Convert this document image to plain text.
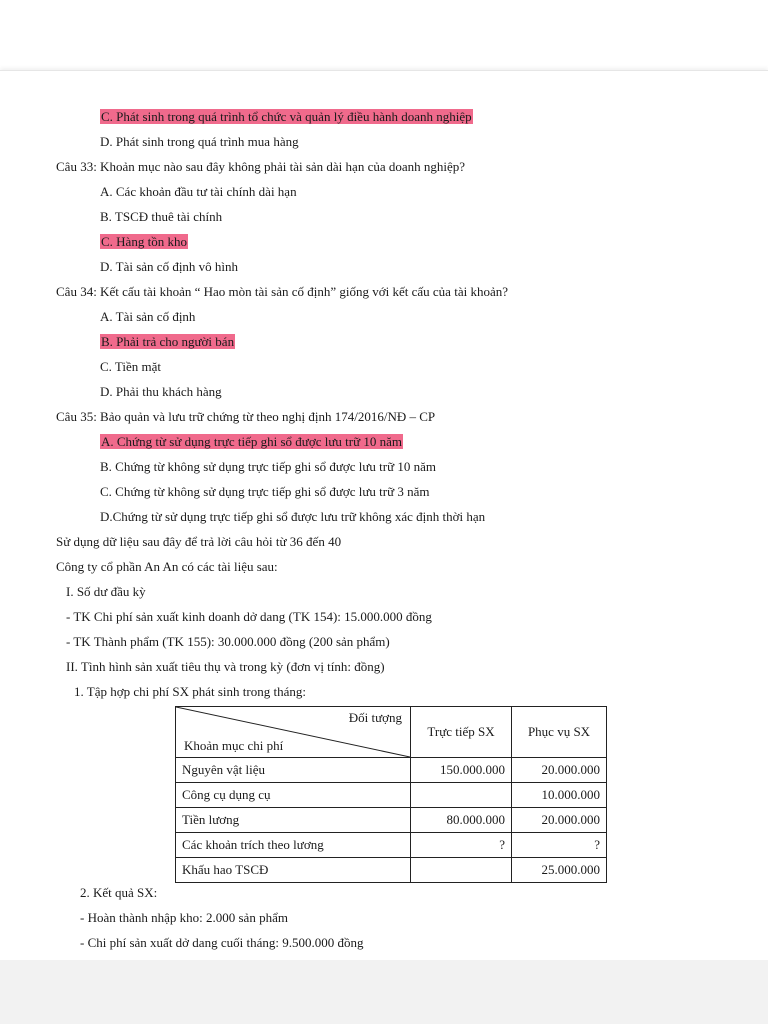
C. Phát sinh trong quá trình tổ chức và quản lý điều hành doanh nghiệp
D. Phát sinh trong quá trình mua hàng
Câu 33: Khoản mục nào sau đây không phải tài sản dài hạn của doanh nghiệp?
A. Các khoản đầu tư tài chính dài hạn
B. TSCĐ thuê tài chính
C. Hàng tồn kho
D. Tài sản cố định vô hình
Câu 34: Kết cấu tài khoản “ Hao mòn tài sản cố định” giống với kết cấu của tài khoản?
A. Tài sản cố định
B. Phải trả cho người bán
C. Tiền mặt
D. Phải thu khách hàng
Câu 35: Bảo quản và lưu trữ chứng từ theo nghị định 174/2016/NĐ – CP
A. Chứng từ sử dụng trực tiếp ghi sổ được lưu trữ 10 năm
B. Chứng từ không sử dụng trực tiếp ghi sổ được lưu trữ 10 năm
C. Chứng từ không sử dụng trực tiếp ghi sổ được lưu trữ 3 năm
D.Chứng từ sử dụng trực tiếp ghi sổ được lưu trữ không xác định thời hạn
Sử dụng dữ liệu sau đây để trả lời câu hỏi từ 36 đến 40
Công ty cổ phần An An có các tài liệu sau:
I. Số dư đầu kỳ
- TK Chi phí sản xuất kinh doanh dở dang (TK 154): 15.000.000 đồng
- TK Thành phẩm (TK 155): 30.000.000 đồng (200 sản phẩm)
II. Tình hình sản xuất tiêu thụ và trong kỳ (đơn vị tính: đồng)
1. Tập hợp chi phí SX phát sinh trong tháng:
Đối tượng
Khoản mục chi phí	Trực tiếp SX	Phục vụ SX
Nguyên vật liệu	150.000.000	20.000.000
Công cụ dụng cụ		10.000.000
Tiền lương	80.000.000	20.000.000
Các khoản trích theo lương	?	?
Khấu hao TSCĐ		25.000.000
2. Kết quả SX:
- Hoàn thành nhập kho: 2.000 sản phẩm
- Chi phí sản xuất dở dang cuối tháng: 9.500.000 đồng
